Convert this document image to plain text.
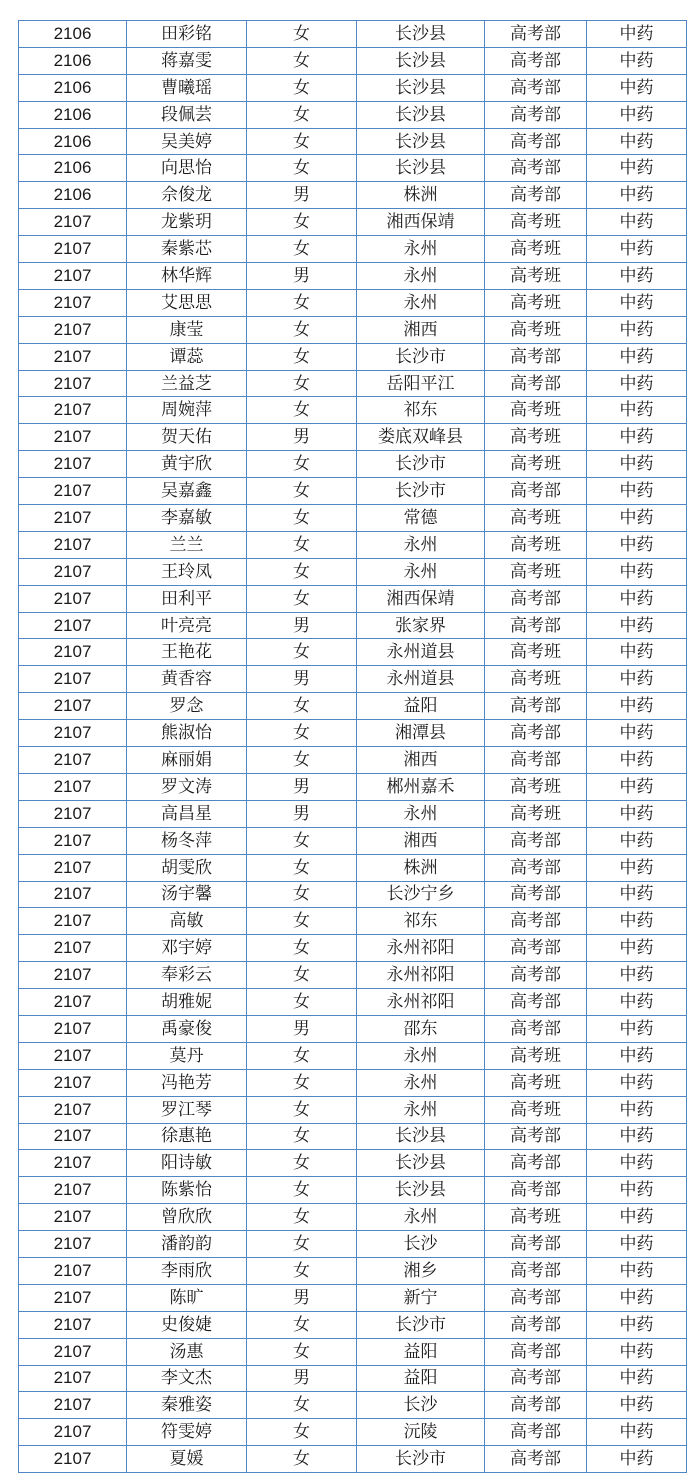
2106	田彩铭	女	长沙县	高考部	中药
2106	蒋嘉雯	女	长沙县	高考部	中药
2106	曹曦瑶	女	长沙县	高考部	中药
2106	段佩芸	女	长沙县	高考部	中药
2106	吴美婷	女	长沙县	高考部	中药
2106	向思怡	女	长沙县	高考部	中药
2106	佘俊龙	男	株洲	高考部	中药
2107	龙紫玥	女	湘西保靖	高考班	中药
2107	秦紫芯	女	永州	高考班	中药
2107	林华辉	男	永州	高考班	中药
2107	艾思思	女	永州	高考班	中药
2107	康莹	女	湘西	高考班	中药
2107	谭蕊	女	长沙市	高考部	中药
2107	兰益芝	女	岳阳平江	高考部	中药
2107	周婉萍	女	祁东	高考班	中药
2107	贺天佑	男	娄底双峰县	高考班	中药
2107	黄宇欣	女	长沙市	高考班	中药
2107	吴嘉鑫	女	长沙市	高考部	中药
2107	李嘉敏	女	常德	高考班	中药
2107	兰兰	女	永州	高考班	中药
2107	王玲凤	女	永州	高考班	中药
2107	田利平	女	湘西保靖	高考部	中药
2107	叶亮亮	男	张家界	高考部	中药
2107	王艳花	女	永州道县	高考班	中药
2107	黄香容	男	永州道县	高考班	中药
2107	罗念	女	益阳	高考部	中药
2107	熊淑怡	女	湘潭县	高考部	中药
2107	麻丽娟	女	湘西	高考部	中药
2107	罗文涛	男	郴州嘉禾	高考班	中药
2107	高昌星	男	永州	高考班	中药
2107	杨冬萍	女	湘西	高考部	中药
2107	胡雯欣	女	株洲	高考部	中药
2107	汤宇馨	女	长沙宁乡	高考部	中药
2107	高敏	女	祁东	高考部	中药
2107	邓宇婷	女	永州祁阳	高考部	中药
2107	奉彩云	女	永州祁阳	高考部	中药
2107	胡雅妮	女	永州祁阳	高考部	中药
2107	禹豪俊	男	邵东	高考部	中药
2107	莫丹	女	永州	高考班	中药
2107	冯艳芳	女	永州	高考班	中药
2107	罗江琴	女	永州	高考班	中药
2107	徐惠艳	女	长沙县	高考部	中药
2107	阳诗敏	女	长沙县	高考部	中药
2107	陈紫怡	女	长沙县	高考部	中药
2107	曾欣欣	女	永州	高考班	中药
2107	潘韵韵	女	长沙	高考部	中药
2107	李雨欣	女	湘乡	高考部	中药
2107	陈旷	男	新宁	高考部	中药
2107	史俊婕	女	长沙市	高考部	中药
2107	汤惠	女	益阳	高考部	中药
2107	李文杰	男	益阳	高考部	中药
2107	秦雅姿	女	长沙	高考部	中药
2107	符雯婷	女	沅陵	高考部	中药
2107	夏媛	女	长沙市	高考部	中药
